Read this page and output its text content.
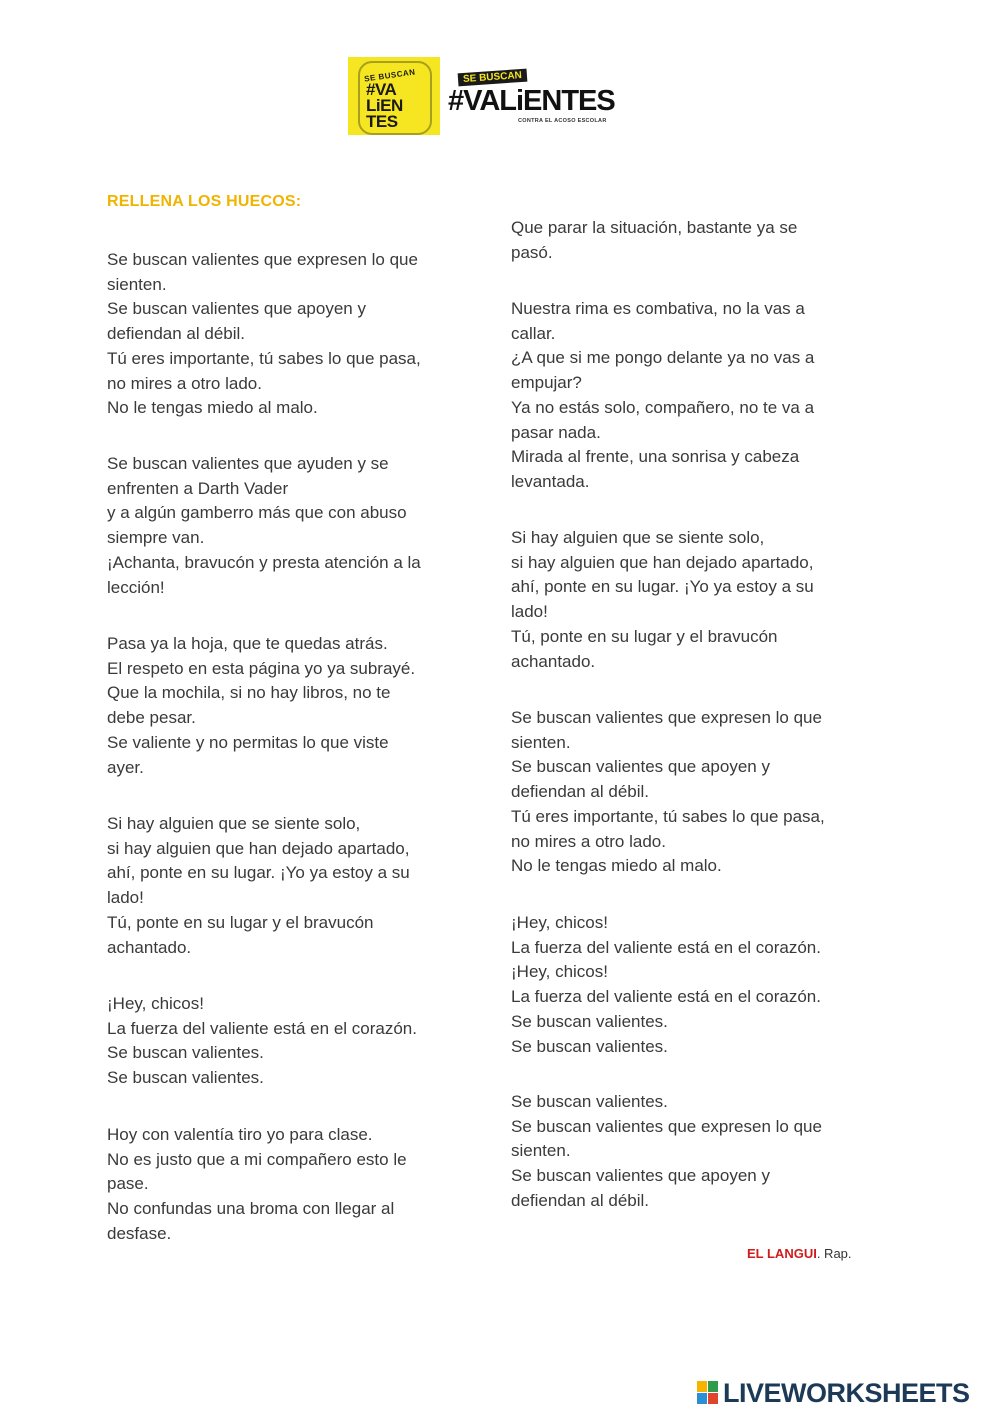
SE BUSCAN
#VA
LiEN
TES
SE BUSCAN
#VALiENTES
CONTRA EL ACOSO ESCOLAR
RELLENA LOS HUECOS:
Se buscan valientes que expresen lo que
sienten.
Se buscan valientes que apoyen y
defiendan al débil.
Tú eres importante, tú sabes lo que pasa,
no mires a otro lado.
No le tengas miedo al malo.
Se buscan valientes que ayuden y se
enfrenten a Darth Vader
y a algún gamberro más que con abuso
siempre van.
¡Achanta, bravucón y presta atención a la
lección!
Pasa ya la hoja, que te quedas atrás.
El respeto en esta página yo ya subrayé.
Que la mochila, si no hay libros, no te
debe pesar.
Se valiente y no permitas lo que viste
ayer.
Si hay alguien que se siente solo,
si hay alguien que han dejado apartado,
ahí, ponte en su lugar. ¡Yo ya estoy a su
lado!
Tú, ponte en su lugar y el bravucón
achantado.
¡Hey, chicos!
La fuerza del valiente está en el corazón.
Se buscan valientes.
Se buscan valientes.
Hoy con valentía tiro yo para clase.
No es justo que a mi compañero esto le
pase.
No confundas una broma con llegar al
desfase.
Que parar la situación, bastante ya se
pasó.
Nuestra rima es combativa, no la vas a
callar.
¿A que si me pongo delante ya no vas a
empujar?
Ya no estás solo, compañero, no te va a
pasar nada.
Mirada al frente, una sonrisa y cabeza
levantada.
Si hay alguien que se siente solo,
si hay alguien que han dejado apartado,
ahí, ponte en su lugar. ¡Yo ya estoy a su
lado!
Tú, ponte en su lugar y el bravucón
achantado.
Se buscan valientes que expresen lo que
sienten.
Se buscan valientes que apoyen y
defiendan al débil.
Tú eres importante, tú sabes lo que pasa,
no mires a otro lado.
No le tengas miedo al malo.
¡Hey, chicos!
La fuerza del valiente está en el corazón.
¡Hey, chicos!
La fuerza del valiente está en el corazón.
Se buscan valientes.
Se buscan valientes.
Se buscan valientes.
Se buscan valientes que expresen lo que
sienten.
Se buscan valientes que apoyen y
defiendan al débil.
EL LANGUI. Rap.
LIVEWORKSHEETS
